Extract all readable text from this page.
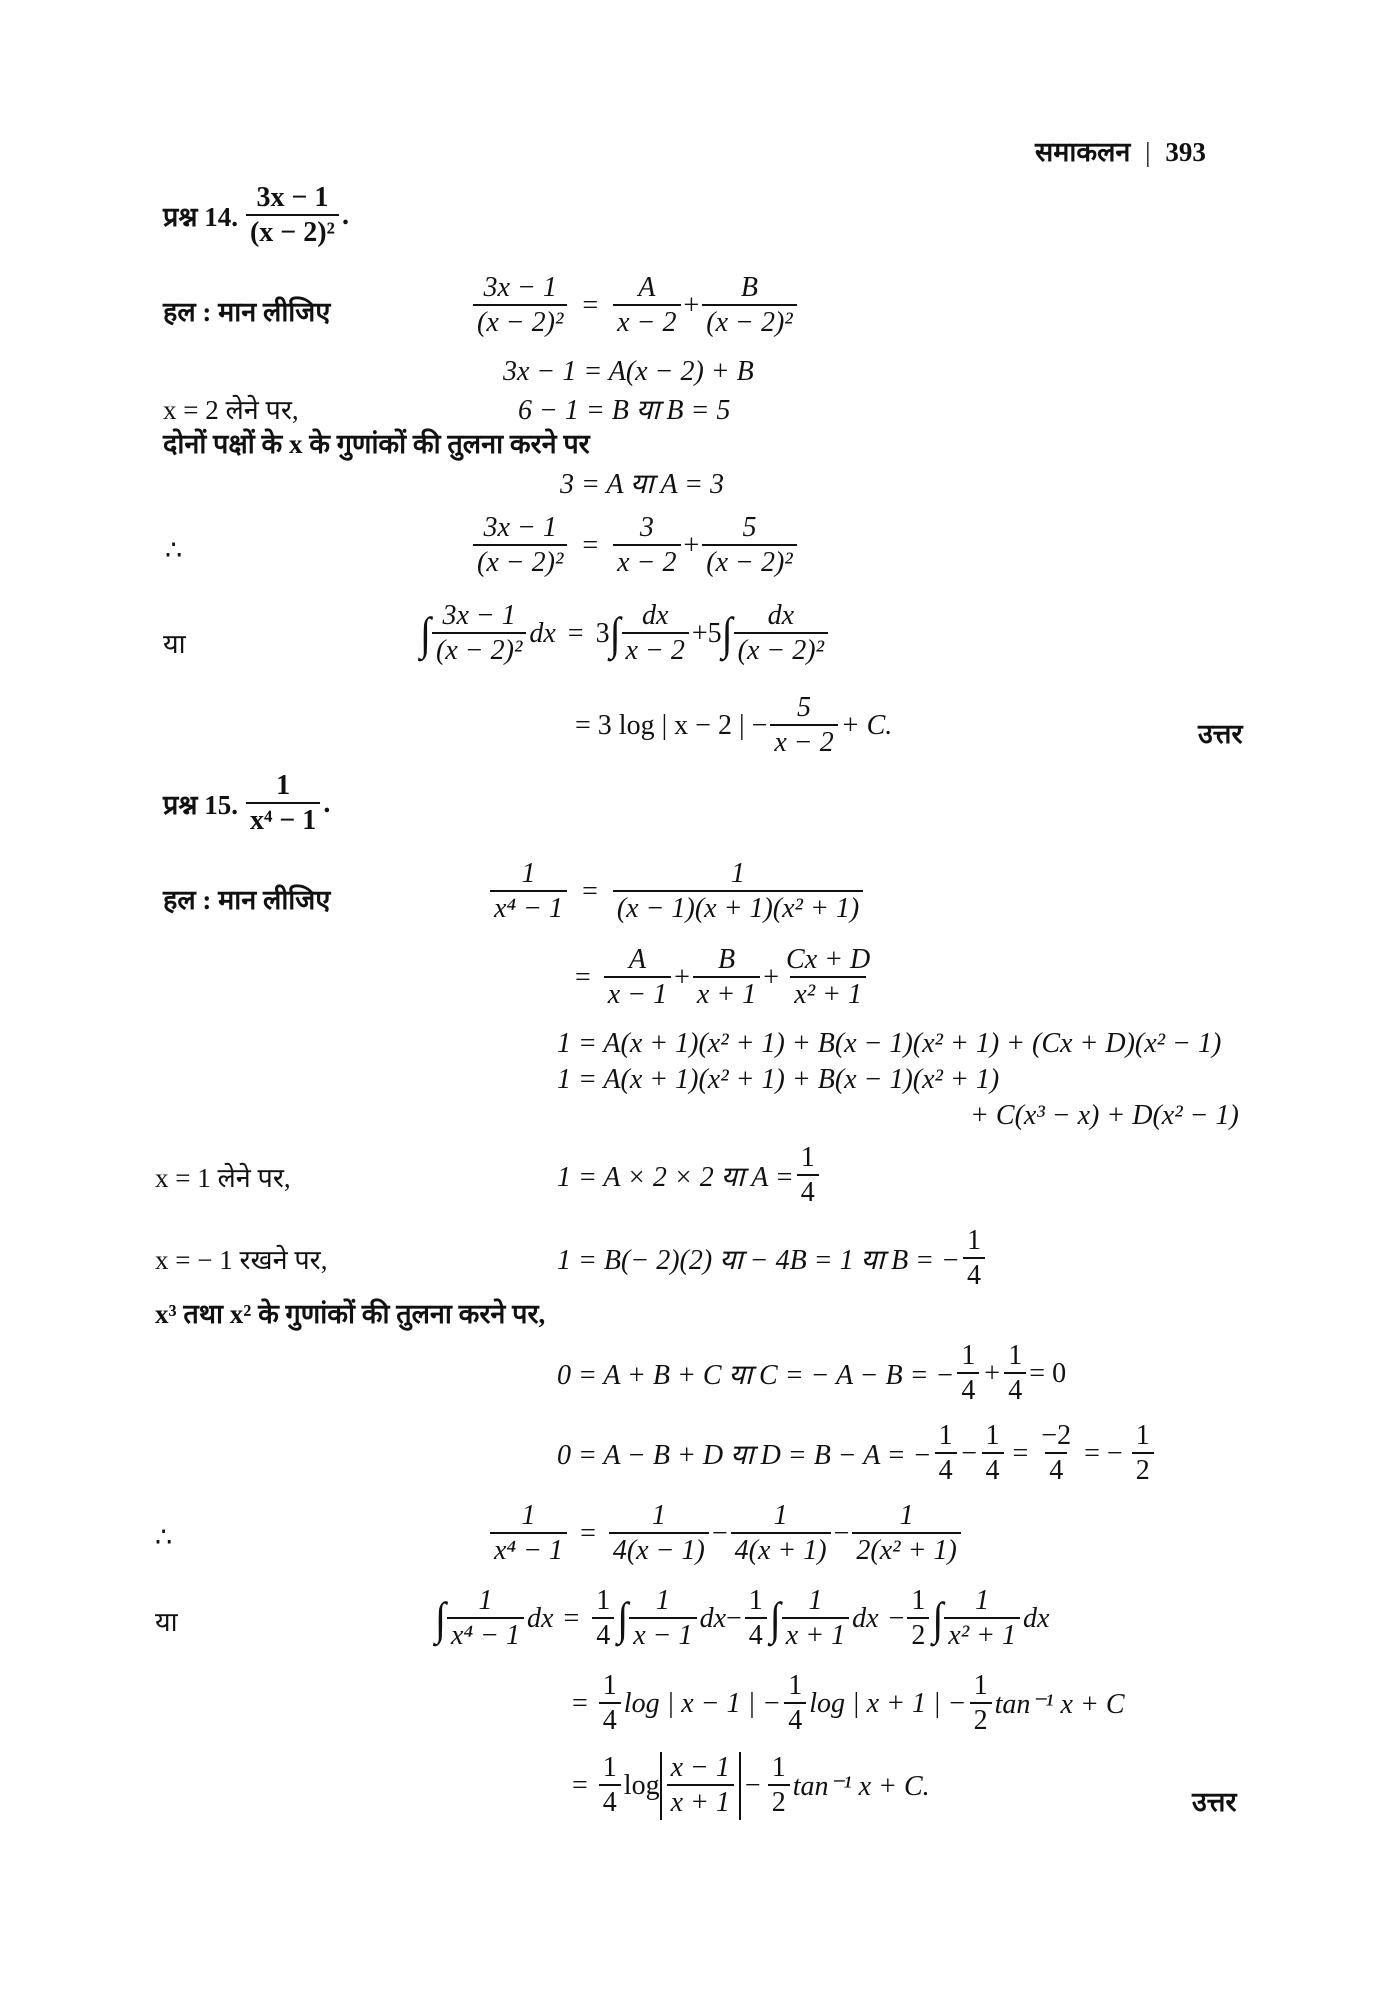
समाकलन | 393
प्रश्न 14. $\frac{3x - 1}{\text{(x − 2)²}}$ .
हल : मान लीजिए	$\frac{3x - 1}{\text{(x − 2)²}} = \frac{A}{x - 2} + \frac{B}{\text{(x − 2)²}}$
3x − 1 = A(x − 2) + B
x = 2 लेने पर,	6 − 1 = B या B = 5
दोनों पक्षों के x के गुणांकों की तुलना करने पर
3 = A या A = 3
∴	$\frac{3x - 1}{\text{(x − 2)²}} = \frac{3}{x - 2} + \frac{5}{\text{(x − 2)²}}$
या	∫ $\frac{3x - 1}{\text{(x − 2)²}}$ dx = 3 ∫ $\frac{dx}{x - 2} + 5$ ∫ $\frac{dx}{\text{(x − 2)²}}$
= 3 log | x − 2 | − $\frac{5}{x - 2} + C$.	उत्तर
प्रश्न 15. $\frac{1}{\text{x⁴ − 1}}$ .
हल : मान लीजिए	$\frac{1}{\text{x⁴ − 1}} = \frac{1}{\text{(x − 1)(x + 1)(x² + 1)}}$
= $\frac{A}{x - 1} + \frac{B}{x + 1} + \frac{Cx + D}{\text{x² + 1}}$
1 = A(x + 1)(x² + 1) + B(x − 1)(x² + 1) + (Cx + D)(x² − 1)
1 = A(x + 1)(x² + 1) + B(x − 1)(x² + 1)
+ C(x³ − x) + D(x² − 1)
x = 1 लेने पर,	1 = A × 2 × 2 या $A = \frac{1}{4}$
x = − 1 रखने पर,	1 = B(− 2)(2) या − 4B = 1 या B = − $\frac{1}{4}$
x³ तथा x² के गुणांकों की तुलना करने पर,
0 = A + B + C या C = − A − B = − $\frac{1}{4} + \frac{1}{4} = 0$
0 = A − B + D या D = B − A = − $\frac{1}{4} - \frac{1}{4} = \frac{-2}{4}$ = − $\frac{1}{2}$
∴	$\frac{1}{\text{x⁴ − 1}} = \frac{1}{4(x - 1)} - \frac{1}{4(x + 1)} - \frac{1}{\text{2(x² + 1)}}$
या	∫ $\frac{1}{\text{x⁴ − 1}}$ dx = $\frac{1}{4}$ ∫ $\frac{1}{x - 1}$ dx − $\frac{1}{4}$ ∫ $\frac{1}{x + 1}$ dx − $\frac{1}{2}$ ∫ $\frac{1}{\text{x² + 1}}$ dx
= $\frac{1}{4}$ log | x − 1 | − $\frac{1}{4}$ log | x + 1 | − $\frac{1}{2} \tan^{-1}$ x + C
= $\frac{1}{4}$ $\log \frac{x - 1}{x + 1} - \frac{1}{2} \tan^{-1}$ x + C.
उत्तर
